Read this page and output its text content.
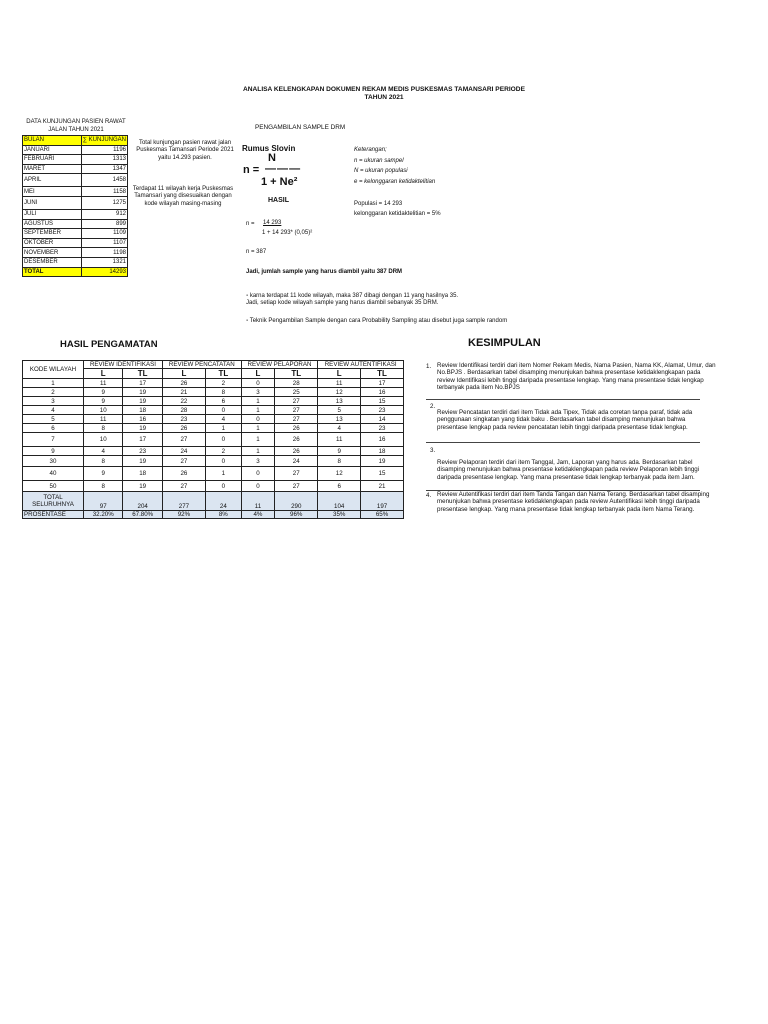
ANALISA KELENGKAPAN DOKUMEN REKAM MEDIS PUSKESMAS TAMANSARI PERIODE
TAHUN 2021
DATA KUNJUNGAN PASIEN RAWAT
JALAN TAHUN 2021
BULAN	∑ KUNJUNGAN
JANUARI	1196
FEBRUARI	1313
MARET	1347
APRIL	1458
MEI	1158
JUNI	1275
JULI	912
AGUSTUS	899
SEPTEMBER	1109
OKTOBER	1107
NOVEMBER	1198
DESEMBER	1321
TOTAL	14293
Total kunjungan pasien rawat jalan Puskesmas Tamansari Periode 2021 yaitu 14.293 pasien.
Terdapat 11 wilayah kerja Puskesmas Tamansari yang disesuaikan dengan kode wilayah masing-masing
PENGAMBILAN SAMPLE DRM
Rumus Slovin
N
n = — — —
1 + Ne²
Keterangan;
n = ukuran sampel
N = ukuran populasi
e = kelonggaran ketidaktelitian
HASIL	Populasi = 14 293
kelonggaran ketidaktelitian = 5%
n = 14 293
1 + 14 293* (0,05)²
n = 387
Jadi, jumlah sample yang harus diambil yaitu 387 DRM
▪ karna terdapat 11 kode wilayah, maka 387 dibagi dengan 11 yang hasilnya 35. Jadi, setiap kode wilayah sample yang harus diambil sebanyak 35 DRM.
▪ Teknik Pengambilan Sample dengan cara Probability Sampling atau disebut juga sample random
HASIL PENGAMATAN
KODE WILAYAH	REVIEW IDENTIFIKASI		REVIEW PENCATATAN		REVIEW PELAPORAN		REVIEW AUTENTIFIKASI	
	L	TL	L	TL	L	TL	L	TL
1	11	17	26	2	0	28	11	17
2	9	19	21	8	3	25	12	16
3	9	19	22	6	1	27	13	15
4	10	18	28	0	1	27	5	23
5	11	16	23	4	0	27	13	14
6	8	19	26	1	1	26	4	23
7	10	17	27	0	1	26	11	16
9	4	23	24	2	1	26	9	18
30	8	19	27	0	3	24	8	19
40	9	18	26	1	0	27	12	15
50	8	19	27	0	0	27	6	21

TOTAL
SELURUHNYA	97	204	277	24	11	290	104	197
PROSENTASE	32.20%	67.80%	92%	8%	4%	96%	35%	65%
KESIMPULAN
1. Review Identifikasi terdiri dari item Nomer Rekam Medis, Nama Pasien, Nama KK, Alamat, Umur, dan No.BPJS . Berdasarkan tabel disamping menunjukan bahwa presentase ketidaklengkapan pada review Identifikasi lebih tinggi daripada presentase lengkap. Yang mana presentase tidak lengkap terbanyak pada item No.BPJS
2.
Review Pencatatan terdiri dari item Tidak ada Tipex, Tidak ada coretan tanpa paraf, tidak ada penggunaan singkatan yang tidak baku . Berdasarkan tabel disamping menunjukan bahwa presentase lengkap pada review pencatatan lebih tinggi daripada presentase tidak lengkap.
3.
Review Pelaporan terdiri dari item Tanggal, Jam, Laporan yang harus ada. Berdasarkan tabel disamping menunjukan bahwa presentase ketidaklengkapan pada review Pelaporan lebih tinggi daripada presentase lengkap. Yang mana presentase tidak lengkap terbanyak pada item Jam.
4. Review Autentifikasi terdiri dari item Tanda Tangan dan Nama Terang. Berdasarkan tabel disamping menunjukan bahwa presentase ketidaklengkapan pada review Autentifikasi lebih tinggi daripada presentase lengkap. Yang mana presentase tidak lengkap terbanyak pada item Nama Terang.
